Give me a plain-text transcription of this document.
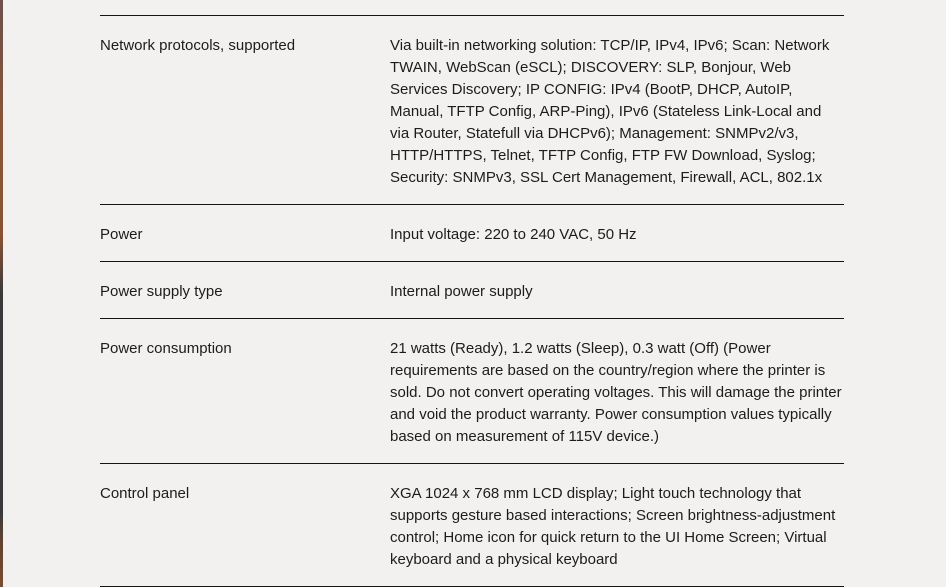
Network protocols, supported	Via built-in networking solution: TCP/IP, IPv4, IPv6; Scan: Network TWAIN, WebScan (eSCL); DISCOVERY: SLP, Bonjour, Web Services Discovery; IP CONFIG: IPv4 (BootP, DHCP, AutoIP, Manual, TFTP Config, ARP-Ping), IPv6 (Stateless Link-Local and via Router, Statefull via DHCPv6); Management: SNMPv2/v3, HTTP/HTTPS, Telnet, TFTP Config, FTP FW Download, Syslog; Security: SNMPv3, SSL Cert Management, Firewall, ACL, 802.1x
Power	Input voltage: 220 to 240 VAC, 50 Hz
Power supply type	Internal power supply
Power consumption	21 watts (Ready), 1.2 watts (Sleep), 0.3 watt (Off) (Power requirements are based on the country/region where the printer is sold. Do not convert operating voltages. This will damage the printer and void the product warranty. Power consumption values typically based on measurement of 115V device.)
Control panel	XGA 1024 x 768 mm LCD display; Light touch technology that supports gesture based interactions; Screen brightness-adjustment control; Home icon for quick return to the UI Home Screen; Virtual keyboard and a physical keyboard
